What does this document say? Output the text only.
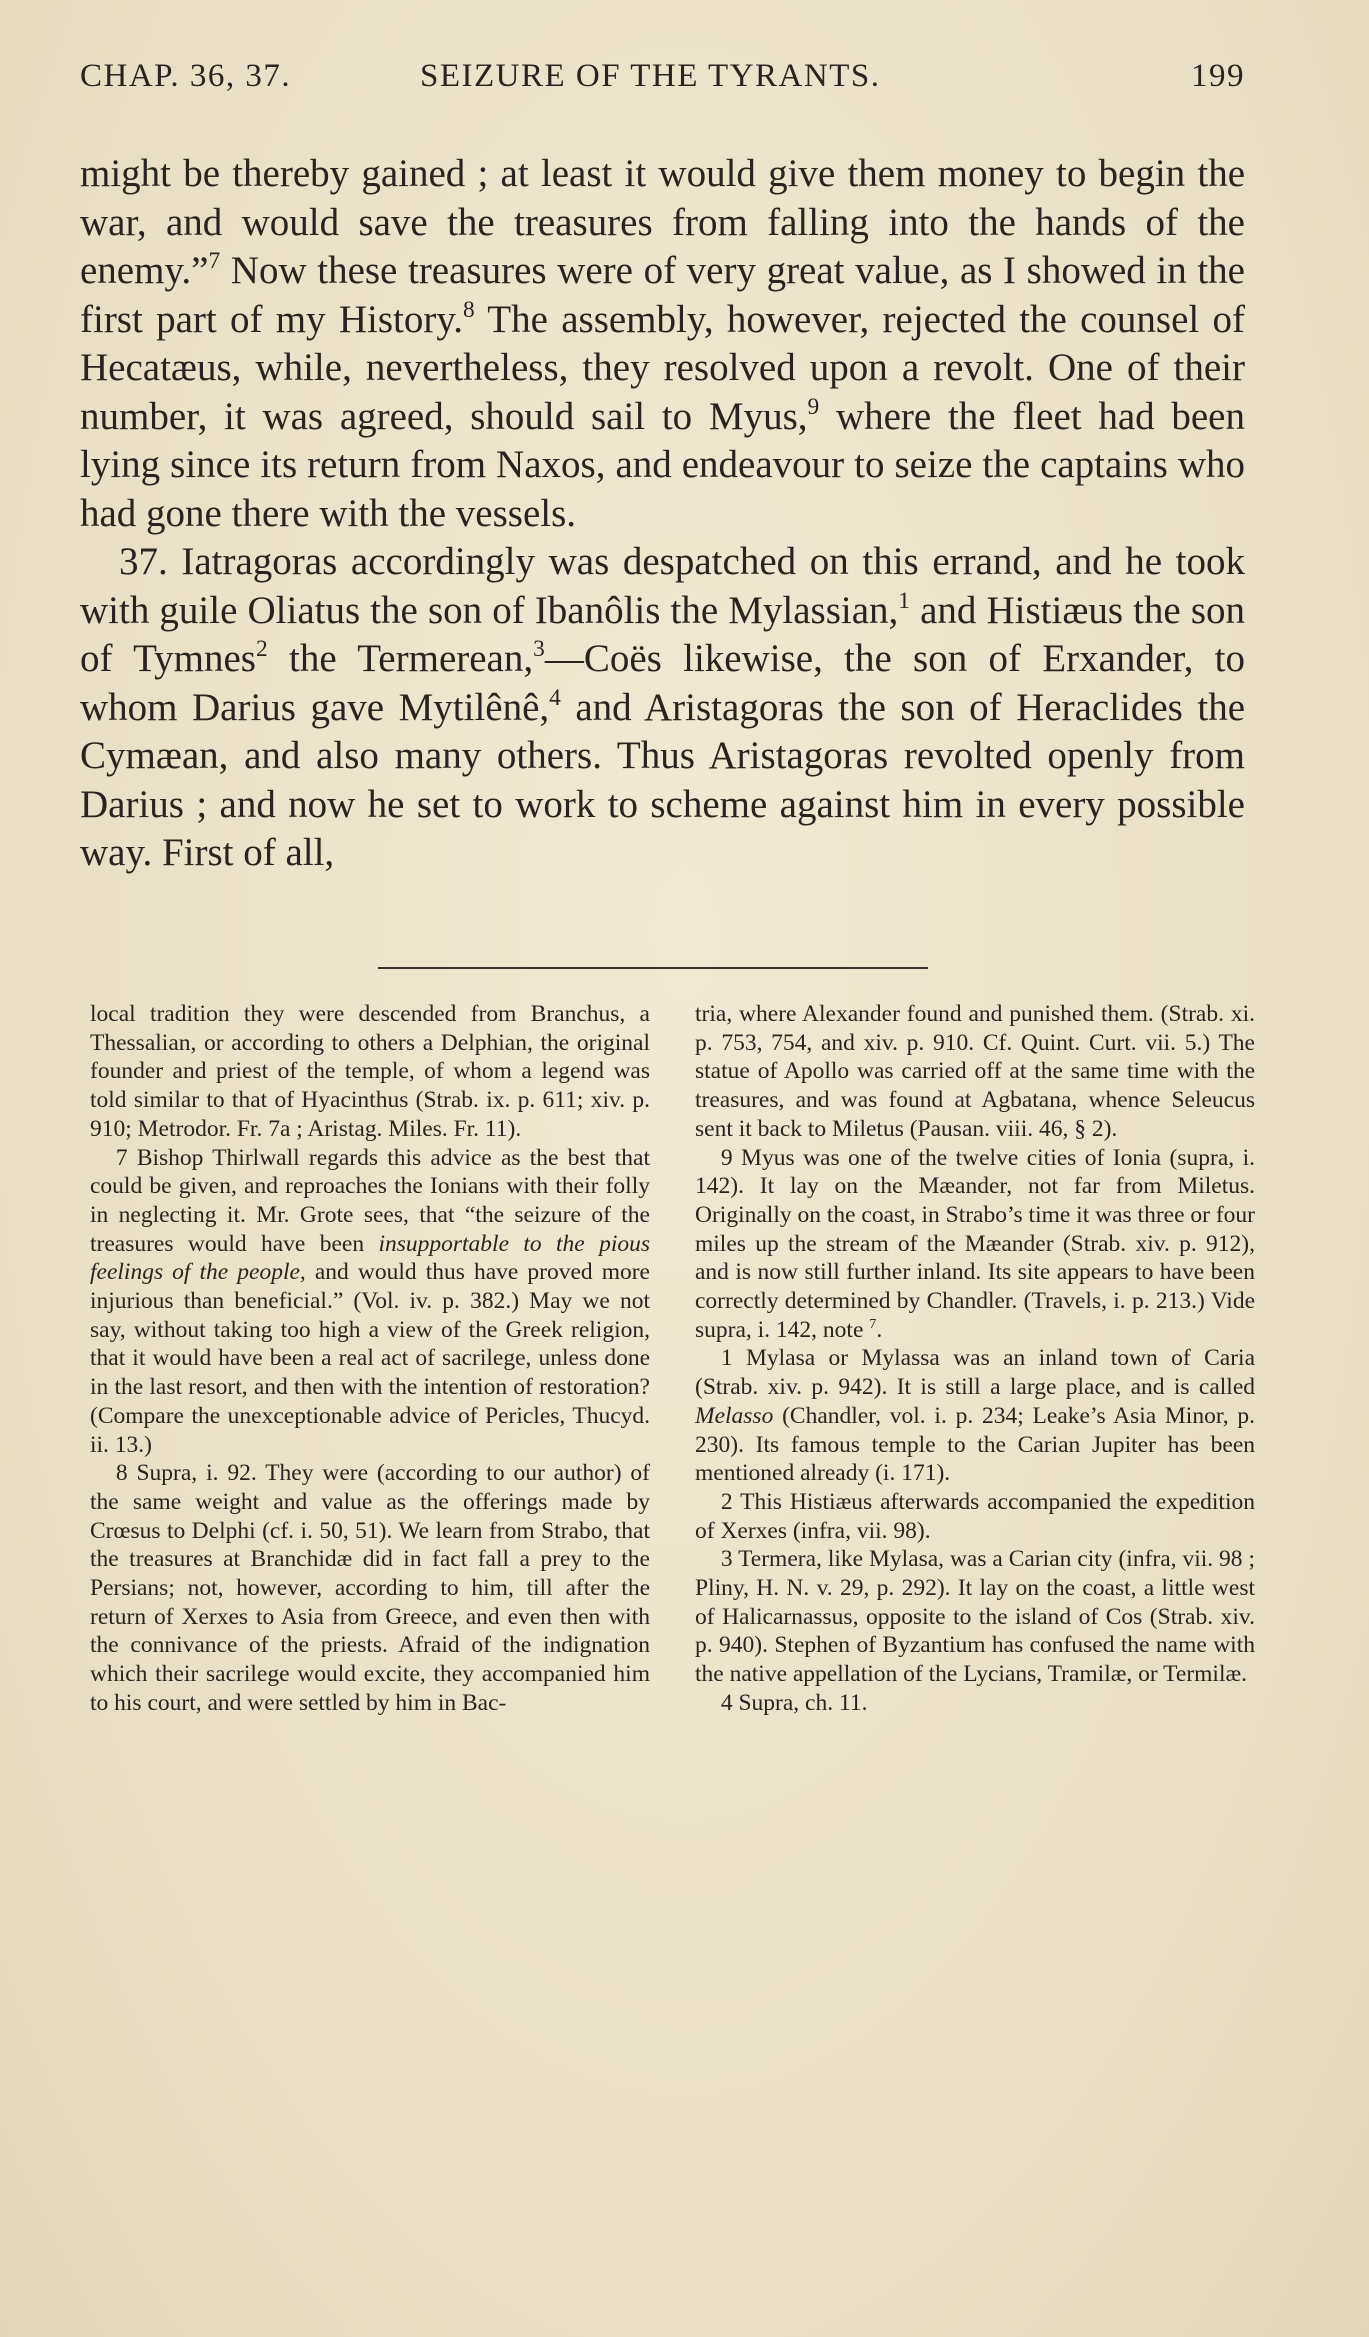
CHAP. 36, 37.	SEIZURE OF THE TYRANTS.	199

might be thereby gained ; at least it would give them money to begin the war, and would save the treasures from falling into the hands of the enemy.”$^7$ Now these treasures were of very great value, as I showed in the first part of my History.$^8$ The assembly, however, rejected the counsel of Hecatæus, while, nevertheless, they resolved upon a revolt. One of their number, it was agreed, should sail to Myus,$^9$ where the fleet had been lying since its return from Naxos, and endeavour to seize the captains who had gone there with the vessels.

37. Iatragoras accordingly was despatched on this errand, and he took with guile Oliatus the son of Ibanôlis the Mylassian,$^1$ and Histiæus the son of Tymnes$^2$ the Termerean,$^3$—Coës likewise, the son of Erxander, to whom Darius gave Mytilênê,$^4$ and Aristagoras the son of Heraclides the Cymæan, and also many others. Thus Aristagoras revolted openly from Darius ; and now he set to work to scheme against him in every possible way. First of all,

local tradition they were descended from Branchus, a Thessalian, or according to others a Delphian, the original founder and priest of the temple, of whom a legend was told similar to that of Hyacinthus (Strab. ix. p. 611; xiv. p. 910; Metrodor. Fr. 7a ; Aristag. Miles. Fr. 11).

7 Bishop Thirlwall regards this advice as the best that could be given, and reproaches the Ionians with their folly in neglecting it. Mr. Grote sees, that “the seizure of the treasures would have been insupportable to the pious feelings of the people, and would thus have proved more injurious than beneficial.” (Vol. iv. p. 382.) May we not say, without taking too high a view of the Greek religion, that it would have been a real act of sacrilege, unless done in the last resort, and then with the intention of restoration? (Compare the unexceptionable advice of Pericles, Thucyd. ii. 13.)

8 Supra, i. 92. They were (according to our author) of the same weight and value as the offerings made by Crœsus to Delphi (cf. i. 50, 51). We learn from Strabo, that the treasures at Branchidæ did in fact fall a prey to the Persians; not, however, according to him, till after the return of Xerxes to Asia from Greece, and even then with the connivance of the priests. Afraid of the indignation which their sacrilege would excite, they accompanied him to his court, and were settled by him in Bac-

tria, where Alexander found and punished them. (Strab. xi. p. 753, 754, and xiv. p. 910. Cf. Quint. Curt. vii. 5.) The statue of Apollo was carried off at the same time with the treasures, and was found at Agbatana, whence Seleucus sent it back to Miletus (Pausan. viii. 46, § 2).

9 Myus was one of the twelve cities of Ionia (supra, i. 142). It lay on the Mæander, not far from Miletus. Originally on the coast, in Strabo’s time it was three or four miles up the stream of the Mæander (Strab. xiv. p. 912), and is now still further inland. Its site appears to have been correctly determined by Chandler. (Travels, i. p. 213.) Vide supra, i. 142, note $^7$.

1 Mylasa or Mylassa was an inland town of Caria (Strab. xiv. p. 942). It is still a large place, and is called Melasso (Chandler, vol. i. p. 234; Leake’s Asia Minor, p. 230). Its famous temple to the Carian Jupiter has been mentioned already (i. 171).

2 This Histiæus afterwards accompanied the expedition of Xerxes (infra, vii. 98).

3 Termera, like Mylasa, was a Carian city (infra, vii. 98 ; Pliny, H. N. v. 29, p. 292). It lay on the coast, a little west of Halicarnassus, opposite to the island of Cos (Strab. xiv. p. 940). Stephen of Byzantium has confused the name with the native appellation of the Lycians, Tramilæ, or Termilæ.

4 Supra, ch. 11.
